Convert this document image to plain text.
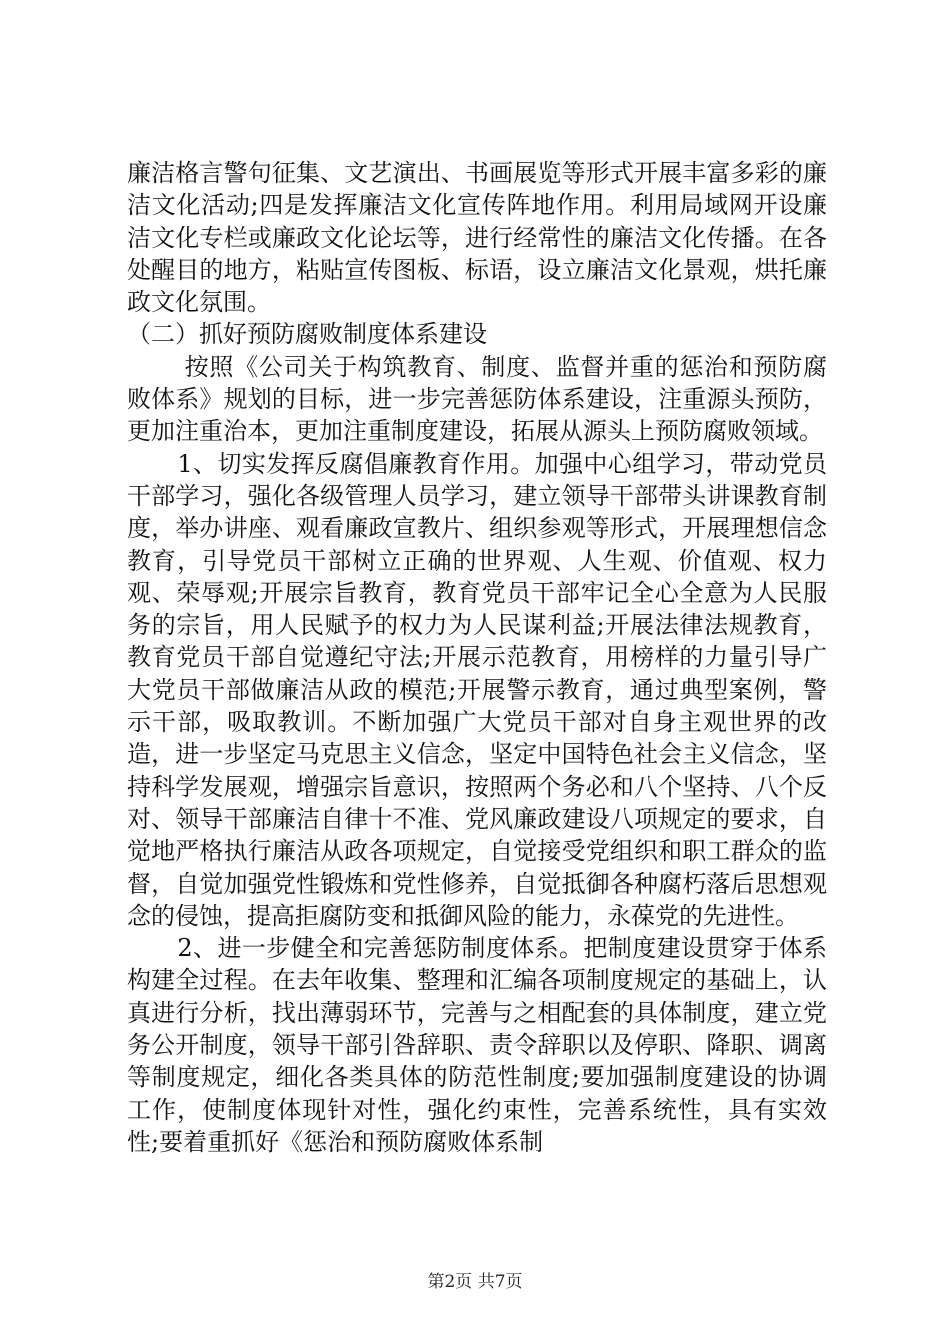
廉洁格言警句征集、文艺演出、书画展览等形式开展丰富多彩的廉洁文化活动;四是发挥廉洁文化宣传阵地作用。利用局域网开设廉洁文化专栏或廉政文化论坛等，进行经常性的廉洁文化传播。在各处醒目的地方，粘贴宣传图板、标语，设立廉洁文化景观，烘托廉政文化氛围。

（二）抓好预防腐败制度体系建设

按照《公司关于构筑教育、制度、监督并重的惩治和预防腐败体系》规划的目标，进一步完善惩防体系建设，注重源头预防，更加注重治本，更加注重制度建设，拓展从源头上预防腐败领域。

1、切实发挥反腐倡廉教育作用。加强中心组学习，带动党员干部学习，强化各级管理人员学习，建立领导干部带头讲课教育制度，举办讲座、观看廉政宣教片、组织参观等形式，开展理想信念教育，引导党员干部树立正确的世界观、人生观、价值观、权力观、荣辱观;开展宗旨教育，教育党员干部牢记全心全意为人民服务的宗旨，用人民赋予的权力为人民谋利益;开展法律法规教育，教育党员干部自觉遵纪守法;开展示范教育，用榜样的力量引导广大党员干部做廉洁从政的模范;开展警示教育，通过典型案例，警示干部，吸取教训。不断加强广大党员干部对自身主观世界的改造，进一步坚定马克思主义信念，坚定中国特色社会主义信念，坚持科学发展观，增强宗旨意识，按照两个务必和八个坚持、八个反对、领导干部廉洁自律十不准、党风廉政建设八项规定的要求，自觉地严格执行廉洁从政各项规定，自觉接受党组织和职工群众的监督，自觉加强党性锻炼和党性修养，自觉抵御各种腐朽落后思想观念的侵蚀，提高拒腐防变和抵御风险的能力，永葆党的先进性。

2、进一步健全和完善惩防制度体系。把制度建设贯穿于体系构建全过程。在去年收集、整理和汇编各项制度规定的基础上，认真进行分析，找出薄弱环节，完善与之相配套的具体制度，建立党务公开制度，领导干部引咎辞职、责令辞职以及停职、降职、调离等制度规定，细化各类具体的防范性制度;要加强制度建设的协调工作，使制度体现针对性，强化约束性，完善系统性，具有实效性;要着重抓好《惩治和预防腐败体系制

第2页 共7页
